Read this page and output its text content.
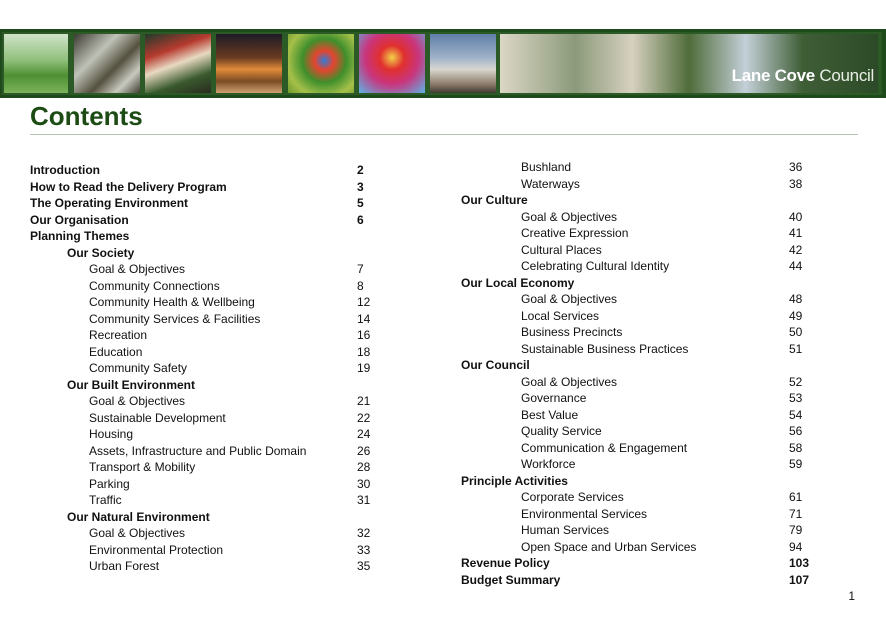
Lane Cove Council
Contents
Introduction	2
How to Read the Delivery Program	3
The Operating Environment	5
Our Organisation	6
Planning Themes
Our Society
Goal & Objectives	7
Community Connections	8
Community Health & Wellbeing	12
Community Services & Facilities	14
Recreation	16
Education	18
Community Safety	19
Our Built Environment
Goal & Objectives	21
Sustainable Development	22
Housing	24
Assets, Infrastructure and Public Domain	26
Transport & Mobility	28
Parking	30
Traffic	31
Our Natural Environment
Goal & Objectives	32
Environmental Protection	33
Urban Forest	35
Bushland	36
Waterways	38
Our Culture
Goal & Objectives	40
Creative Expression	41
Cultural Places	42
Celebrating Cultural Identity	44
Our Local Economy
Goal & Objectives	48
Local Services	49
Business Precincts	50
Sustainable Business Practices	51
Our Council
Goal & Objectives	52
Governance	53
Best Value	54
Quality Service	56
Communication & Engagement	58
Workforce	59
Principle Activities
Corporate Services	61
Environmental Services	71
Human Services	79
Open Space and Urban Services	94
Revenue Policy	103
Budget Summary	107
1
